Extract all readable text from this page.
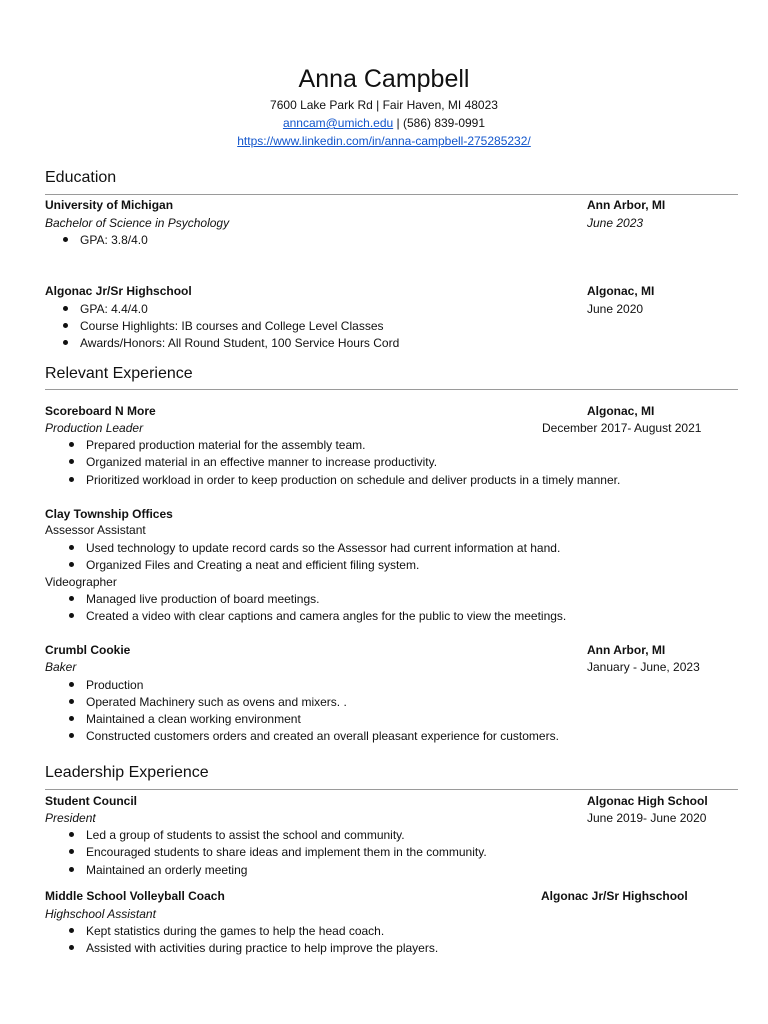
Anna Campbell
7600 Lake Park Rd | Fair Haven, MI 48023
anncam@umich.edu | (586) 839-0991
https://www.linkedin.com/in/anna-campbell-275285232/
Education
University of Michigan	Ann Arbor, MI
Bachelor of Science in Psychology	June 2023
GPA: 3.8/4.0
Algonac Jr/Sr Highschool	Algonac, MI
GPA: 4.4/4.0	June 2020
Course Highlights: IB courses and College Level Classes
Awards/Honors: All Round Student, 100 Service Hours Cord
Relevant Experience
Scoreboard N More	Algonac, MI
Production Leader	December 2017- August 2021
Prepared production material for the assembly team.
Organized material in an effective manner to increase productivity.
Prioritized workload in order to keep production on schedule and deliver products in a timely manner.
Clay Township Offices
Assessor Assistant
Used technology to update record cards so the Assessor had current information at hand.
Organized Files and Creating a neat and efficient filing system.
Videographer
Managed live production of board meetings.
Created a video with clear captions and camera angles for the public to view the meetings.
Crumbl Cookie	Ann Arbor, MI
Baker	January - June, 2023
Production
Operated Machinery such as ovens and mixers. .
Maintained a clean working environment
Constructed customers orders and created an overall pleasant experience for customers.
Leadership Experience
Student Council	Algonac High School
President	June 2019- June 2020
Led a group of students to assist the school and community.
Encouraged students to share ideas and implement them in the community.
Maintained an orderly meeting
Middle School Volleyball Coach	Algonac Jr/Sr Highschool
Highschool Assistant
Kept statistics during the games to help the head coach.
Assisted with activities during practice to help improve the players.
